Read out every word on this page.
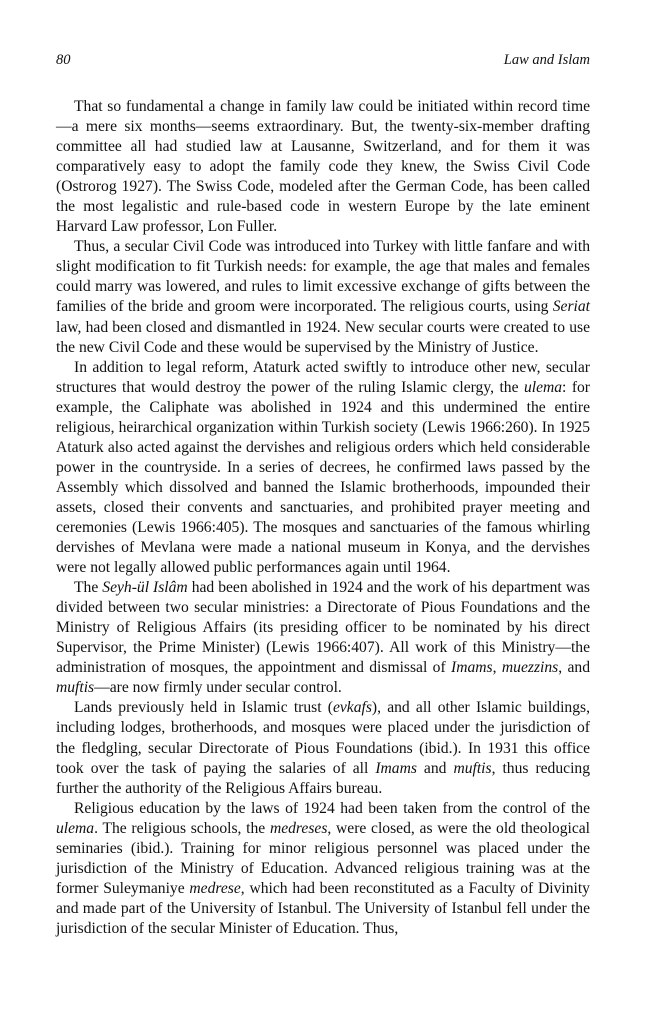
80	Law and Islam

That so fundamental a change in family law could be initiated within record time—a mere six months—seems extraordinary. But, the twenty-six-member drafting committee all had studied law at Lausanne, Switzerland, and for them it was comparatively easy to adopt the family code they knew, the Swiss Civil Code (Ostrorog 1927). The Swiss Code, modeled after the German Code, has been called the most legalistic and rule-based code in western Europe by the late eminent Harvard Law professor, Lon Fuller.

Thus, a secular Civil Code was introduced into Turkey with little fanfare and with slight modification to fit Turkish needs: for example, the age that males and females could marry was lowered, and rules to limit excessive exchange of gifts between the families of the bride and groom were incorporated. The religious courts, using Seriat law, had been closed and dismantled in 1924. New secular courts were created to use the new Civil Code and these would be supervised by the Ministry of Justice.

In addition to legal reform, Ataturk acted swiftly to introduce other new, secular structures that would destroy the power of the ruling Islamic clergy, the ulema: for example, the Caliphate was abolished in 1924 and this undermined the entire religious, heirarchical organization within Turkish society (Lewis 1966:260). In 1925 Ataturk also acted against the dervishes and religious orders which held considerable power in the countryside. In a series of decrees, he confirmed laws passed by the Assembly which dissolved and banned the Islamic brotherhoods, impounded their assets, closed their convents and sanctuaries, and prohibited prayer meeting and ceremonies (Lewis 1966:405). The mosques and sanctuaries of the famous whirling dervishes of Mevlana were made a national museum in Konya, and the dervishes were not legally allowed public performances again until 1964.

The Seyh-ül Islâm had been abolished in 1924 and the work of his department was divided between two secular ministries: a Directorate of Pious Foundations and the Ministry of Religious Affairs (its presiding officer to be nominated by his direct Supervisor, the Prime Minister) (Lewis 1966:407). All work of this Ministry—the administration of mosques, the appointment and dismissal of Imams, muezzins, and muftis—are now firmly under secular control.

Lands previously held in Islamic trust (evkafs), and all other Islamic buildings, including lodges, brotherhoods, and mosques were placed under the jurisdiction of the fledgling, secular Directorate of Pious Foundations (ibid.). In 1931 this office took over the task of paying the salaries of all Imams and muftis, thus reducing further the authority of the Religious Affairs bureau.

Religious education by the laws of 1924 had been taken from the control of the ulema. The religious schools, the medreses, were closed, as were the old theological seminaries (ibid.). Training for minor religious personnel was placed under the jurisdiction of the Ministry of Education. Advanced religious training was at the former Suleymaniye medrese, which had been reconstituted as a Faculty of Divinity and made part of the University of Istanbul. The University of Istanbul fell under the jurisdiction of the secular Minister of Education. Thus,
